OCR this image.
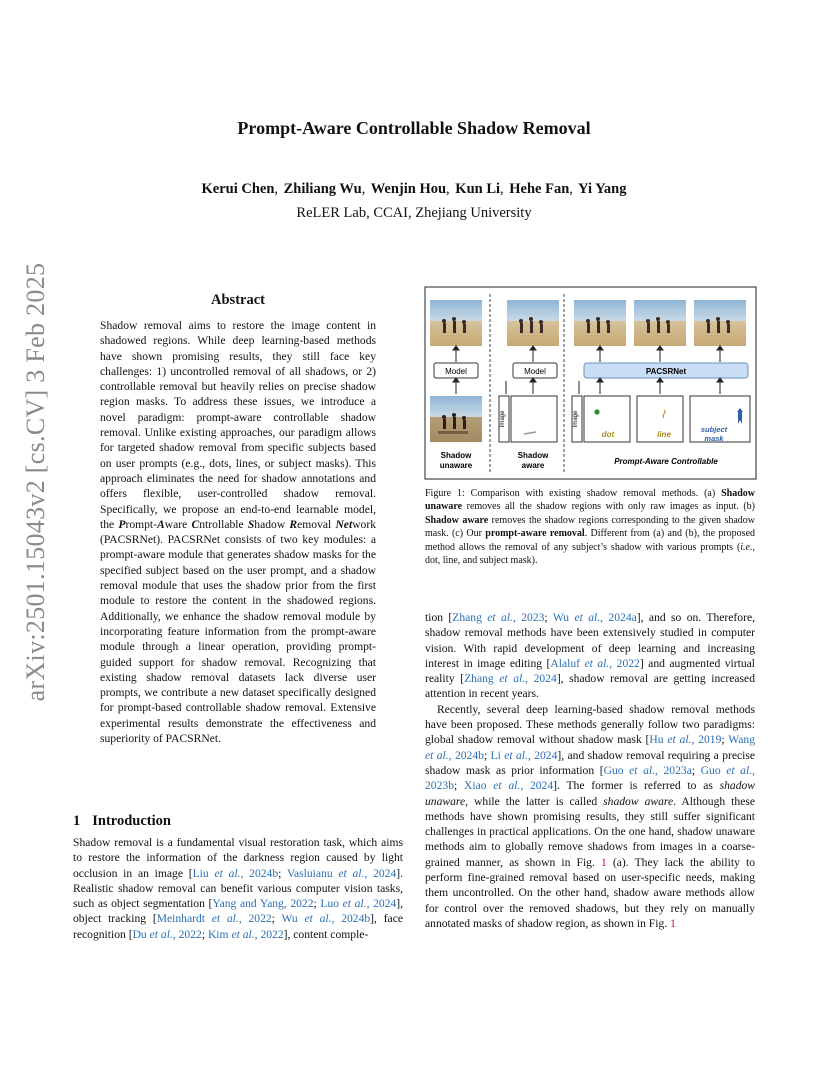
arXiv:2501.15043v2 [cs.CV] 3 Feb 2025
Prompt-Aware Controllable Shadow Removal
Kerui Chen, Zhiliang Wu, Wenjin Hou, Kun Li, Hehe Fan, Yi Yang
ReLER Lab, CCAI, Zhejiang University
Abstract
Shadow removal aims to restore the image content in shadowed regions. While deep learning-based methods have shown promising results, they still face key challenges: 1) uncontrolled removal of all shadows, or 2) controllable removal but heavily relies on precise shadow region masks. To address these issues, we introduce a novel paradigm: prompt-aware controllable shadow removal. Unlike existing approaches, our paradigm allows for targeted shadow removal from specific subjects based on user prompts (e.g., dots, lines, or subject masks). This approach eliminates the need for shadow annotations and offers flexible, user-controlled shadow removal. Specifically, we propose an end-to-end learnable model, the Prompt-Aware Cntrollable Shadow Removal Network (PACSRNet). PACSRNet consists of two key modules: a prompt-aware module that generates shadow masks for the specified subject based on the user prompt, and a shadow removal module that uses the shadow prior from the first module to restore the content in the shadowed regions. Additionally, we enhance the shadow removal module by incorporating feature information from the prompt-aware module through a linear operation, providing prompt-guided support for shadow removal. Recognizing that existing shadow removal datasets lack diverse user prompts, we contribute a new dataset specifically designed for prompt-based controllable shadow removal. Extensive experimental results demonstrate the effectiveness and superiority of PACSRNet.
1 Introduction
Shadow removal is a fundamental visual restoration task, which aims to restore the information of the darkness region caused by light occlusion in an image [Liu et al., 2024b; Vasluianu et al., 2024]. Realistic shadow removal can benefit various computer vision tasks, such as object segmentation [Yang and Yang, 2022; Luo et al., 2024], object tracking [Meinhardt et al., 2022; Wu et al., 2024b], face recognition [Du et al., 2022; Kim et al., 2022], content comple-
Model	Model	PACSRNet
Image	Image
dot	line
subject
mask
Shadow
unaware
Shadow
aware	Prompt-Aware Controllable
Figure 1: Comparison with existing shadow removal methods. (a) Shadow unaware removes all the shadow regions with only raw images as input. (b) Shadow aware removes the shadow regions corresponding to the given shadow mask. (c) Our prompt-aware removal. Different from (a) and (b), the proposed method allows the removal of any subject’s shadow with various prompts (i.e., dot, line, and subject mask).

tion [Zhang et al., 2023; Wu et al., 2024a], and so on. Therefore, shadow removal methods have been extensively studied in computer vision. With rapid development of deep learning and increasing interest in image editing [Alaluf et al., 2022] and augmented virtual reality [Zhang et al., 2024], shadow removal are getting increased attention in recent years.

Recently, several deep learning-based shadow removal methods have been proposed. These methods generally follow two paradigms: global shadow removal without shadow mask [Hu et al., 2019; Wang et al., 2024b; Li et al., 2024], and shadow removal requiring a precise shadow mask as prior information [Guo et al., 2023a; Guo et al., 2023b; Xiao et al., 2024]. The former is referred to as shadow unaware, while the latter is called shadow aware. Although these methods have shown promising results, they still suffer significant challenges in practical applications. On the one hand, shadow unaware methods aim to globally remove shadows from images in a coarse-grained manner, as shown in Fig. 1 (a). They lack the ability to perform fine-grained removal based on user-specific needs, making them uncontrolled. On the other hand, shadow aware methods allow for control over the removed shadows, but they rely on manually annotated masks of shadow region, as shown in Fig. 1
